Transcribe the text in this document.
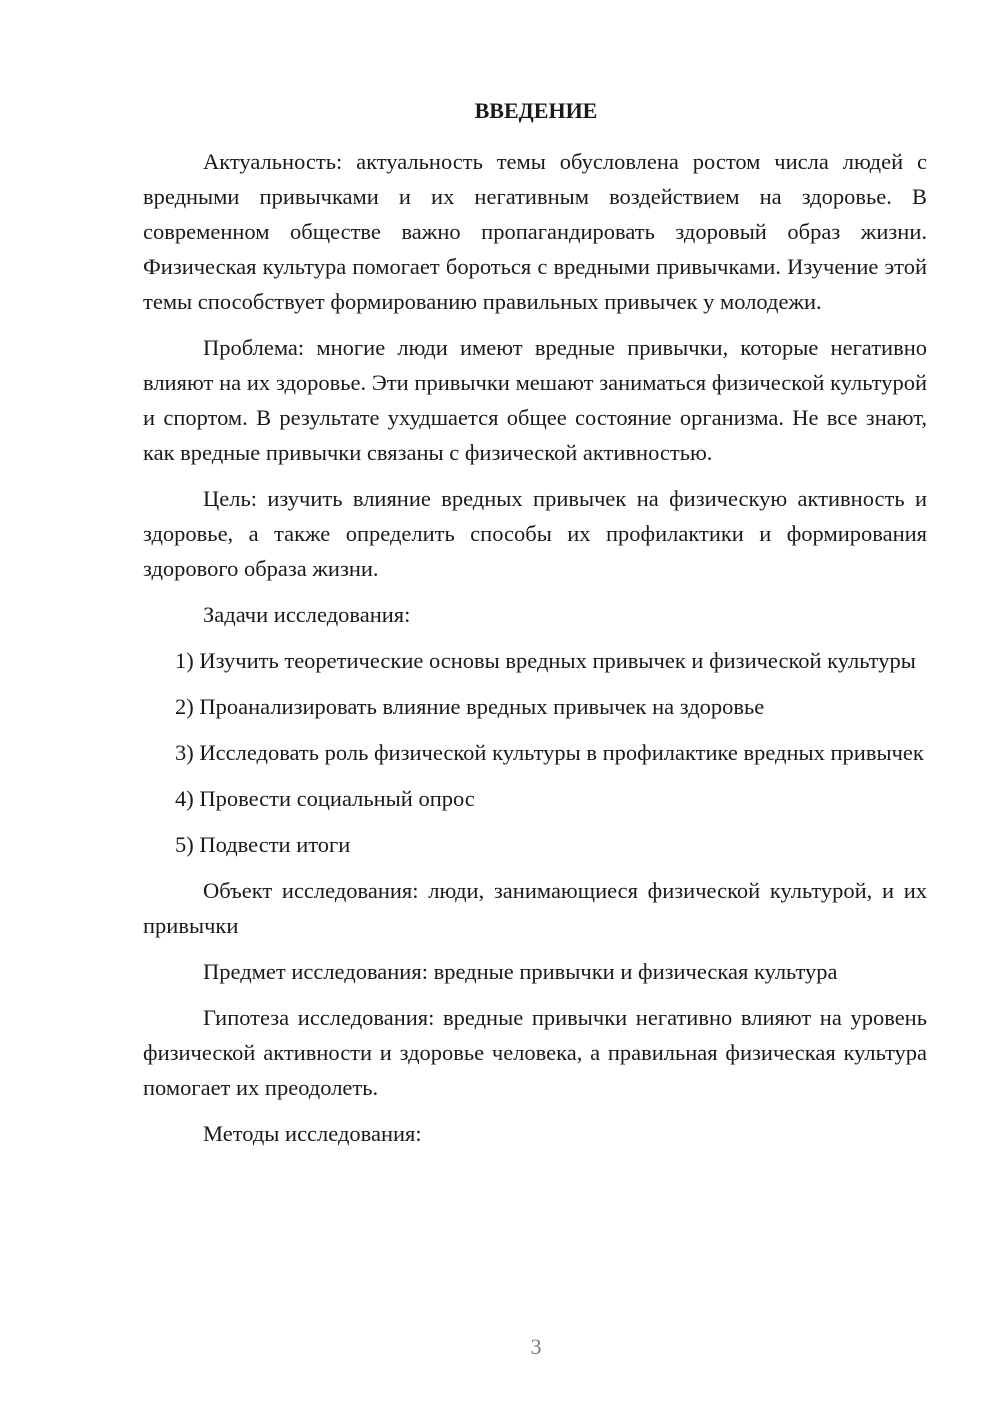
ВВЕДЕНИЕ

Актуальность: актуальность темы обусловлена ростом числа людей с вредными привычками и их негативным воздействием на здоровье. В современном обществе важно пропагандировать здоровый образ жизни. Физическая культура помогает бороться с вредными привычками. Изучение этой темы способствует формированию правильных привычек у молодежи.

Проблема: многие люди имеют вредные привычки, которые негативно влияют на их здоровье. Эти привычки мешают заниматься физической культурой и спортом. В результате ухудшается общее состояние организма. Не все знают, как вредные привычки связаны с физической активностью.

Цель: изучить влияние вредных привычек на физическую активность и здоровье, а также определить способы их профилактики и формирования здорового образа жизни.

Задачи исследования:

1) Изучить теоретические основы вредных привычек и физической культуры

2) Проанализировать влияние вредных привычек на здоровье

3) Исследовать роль физической культуры в профилактике вредных привычек

4) Провести социальный опрос

5) Подвести итоги

Объект исследования: люди, занимающиеся физической культурой, и их привычки

Предмет исследования: вредные привычки и физическая культура

Гипотеза исследования: вредные привычки негативно влияют на уровень физической активности и здоровье человека, а правильная физическая культура помогает их преодолеть.

Методы исследования:

3
